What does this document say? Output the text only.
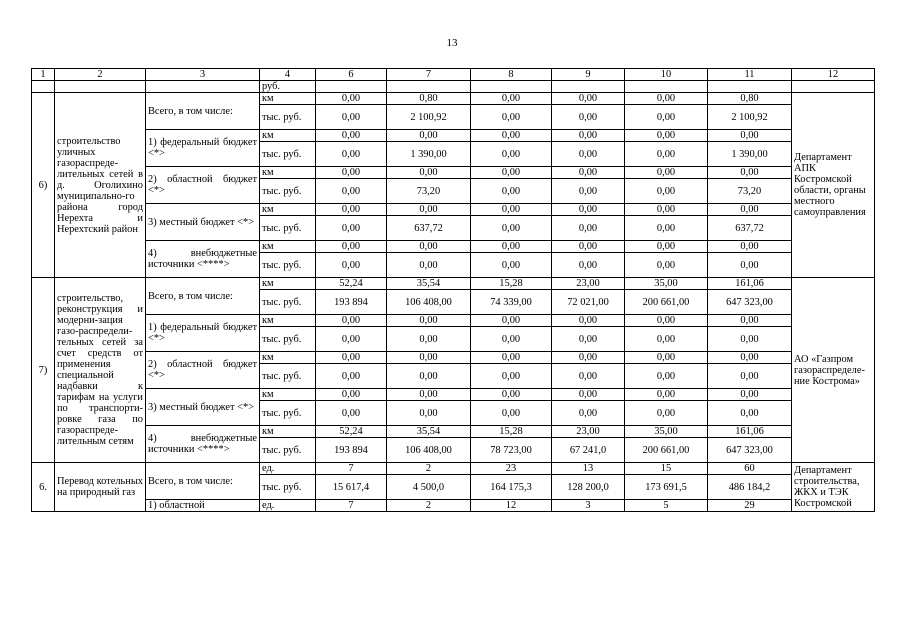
13
1	2	3	4	6	7	8	9	10	11	12
			руб.							
6)	строительство уличных газораспреде-лительных сетей в д. Оголихино муниципально-го района город Нерехта и Нерехтский район	Всего, в том числе:	км	0,00	0,80	0,00	0,00	0,00	0,80	Департамент АПК Костромской области, органы местного самоуправления
			тыс. руб.	0,00	2 100,92	0,00	0,00	0,00	2 100,92	
		1) федеральный бюджет <*>	км	0,00	0,00	0,00	0,00	0,00	0,00	
			тыс. руб.	0,00	1 390,00	0,00	0,00	0,00	1 390,00	
		2) областной бюджет <*>	км	0,00	0,00	0,00	0,00	0,00	0,00	
			тыс. руб.	0,00	73,20	0,00	0,00	0,00	73,20	
		3) местный бюджет <*>	км	0,00	0,00	0,00	0,00	0,00	0,00	
			тыс. руб.	0,00	637,72	0,00	0,00	0,00	637,72	
		4) внебюджетные источники <****>	км	0,00	0,00	0,00	0,00	0,00	0,00	
			тыс. руб.	0,00	0,00	0,00	0,00	0,00	0,00	
7)	строительство, реконструкция и модерни-зация газо-распредели-тельных сетей за счет средств от применения специальной надбавки к тарифам на услуги по транспорти-ровке газа по газораспреде-лительным сетям	Всего, в том числе:	км	52,24	35,54	15,28	23,00	35,00	161,06	АО «Газпром газораспределе-ние Кострома»
			тыс. руб.	193 894	106 408,00	74 339,00	72 021,00	200 661,00	647 323,00	
		1) федеральный бюджет <*>	км	0,00	0,00	0,00	0,00	0,00	0,00	
			тыс. руб.	0,00	0,00	0,00	0,00	0,00	0,00	
		2) областной бюджет <*>	км	0,00	0,00	0,00	0,00	0,00	0,00	
			тыс. руб.	0,00	0,00	0,00	0,00	0,00	0,00	
		3) местный бюджет <*>	км	0,00	0,00	0,00	0,00	0,00	0,00	
			тыс. руб.	0,00	0,00	0,00	0,00	0,00	0,00	
		4) внебюджетные источники <****>	км	52,24	35,54	15,28	23,00	35,00	161,06	
			тыс. руб.	193 894	106 408,00	78 723,00	67 241,0	200 661,00	647 323,00	
6.	Перевод котельных на природный газ	Всего, в том числе:	ед.	7	2	23	13	15	60	Департамент строительства, ЖКХ и ТЭК Костромской
			тыс. руб.	15 617,4	4 500,0	164 175,3	128 200,0	173 691,5	486 184,2	
		1) областной	ед.	7	2	12	3	5	29	
